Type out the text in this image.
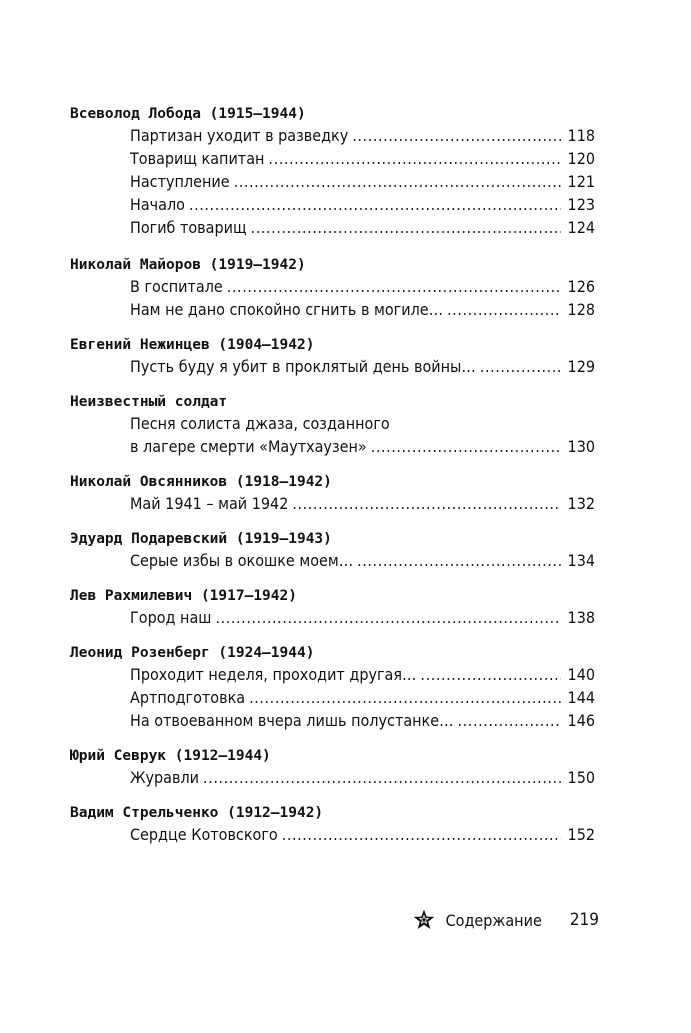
Всеволод Лобода (1915–1944)
Партизан уходит в разведку . . .	118
Товарищ капитан . . .	120
Наступление . . .	121
Начало . . .	123
Погиб товарищ . . .	124
Николай Майоров (1919–1942)
В госпитале . . .	126
Нам не дано спокойно сгнить в могиле… . . .	128
Евгений Нежинцев (1904–1942)
Пусть буду я убит в проклятый день войны… . . .	129
Неизвестный солдат
Песня солиста джаза, созданного
в лагере смерти «Маутхаузен» . . .	130
Николай Овсянников (1918–1942)
Май 1941 – май 1942 . . .	132
Эдуард Подаревский (1919–1943)
Серые избы в окошке моем… . . .	134
Лев Рахмилевич (1917–1942)
Город наш . . .	138
Леонид Розенберг (1924–1944)
Проходит неделя, проходит другая… . . .	140
Артподготовка . . .	144
На отвоеванном вчера лишь полустанке… . . .	146
Юрий Севрук (1912–1944)
Журавли . . .	150
Вадим Стрельченко (1912–1942)
Сердце Котовского . . .	152
Содержание 219
